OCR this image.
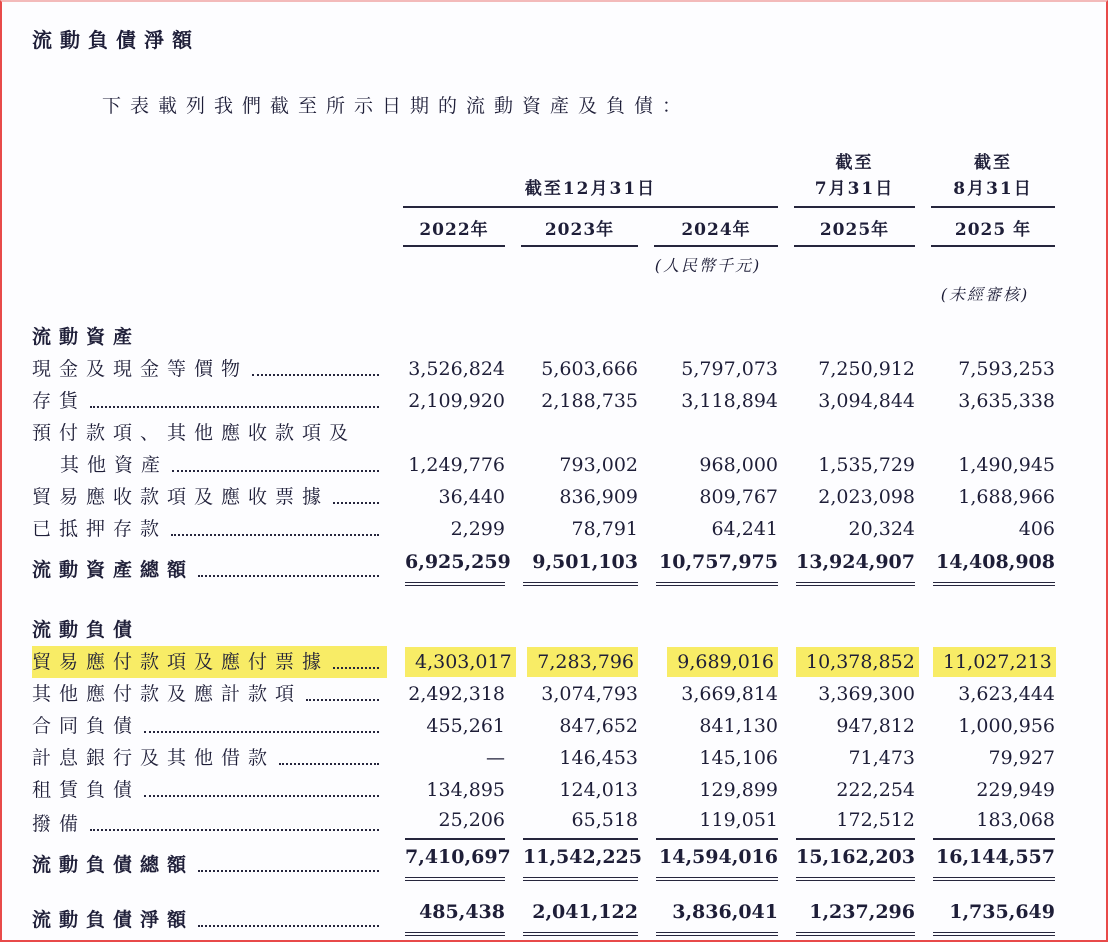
流動負債淨額
下表載列我們截至所示日期的流動資產及負債：
截至12月31日
截至
7月31日
截至
8月31日
2022年	2023年	2024年	2025年	2025 年
(人民幣千元)
(未經審核)
流動資產
現金及現金等價物	3,526,824	5,603,666	5,797,073	7,250,912	7,593,253
存貨	2,109,920	2,188,735	3,118,894	3,094,844	3,635,338
預付款項、其他應收款項及
其他資產	1,249,776	793,002	968,000	1,535,729	1,490,945
貿易應收款項及應收票據	36,440	836,909	809,767	2,023,098	1,688,966
已抵押存款	2,299	78,791	64,241	20,324	406
流動資產總額	6,925,259	9,501,103 10,757,975 13,924,907 14,408,908
流動負債
貿易應付款項及應付票據	4,303,017	7,283,796	9,689,016	10,378,852	11,027,213
其他應付款及應計款項	2,492,318	3,074,793	3,669,814	3,369,300	3,623,444
合同負債	455,261	847,652	841,130	947,812	1,000,956
計息銀行及其他借款	—	146,453	145,106	71,473	79,927
租賃負債	134,895	124,013	129,899	222,254	229,949
撥備	25,206	65,518	119,051	172,512	183,068
流動負債總額	7,410,697 11,542,225 14,594,016 15,162,203 16,144,557
流動負債淨額	485,438	2,041,122	3,836,041	1,237,296	1,735,649
